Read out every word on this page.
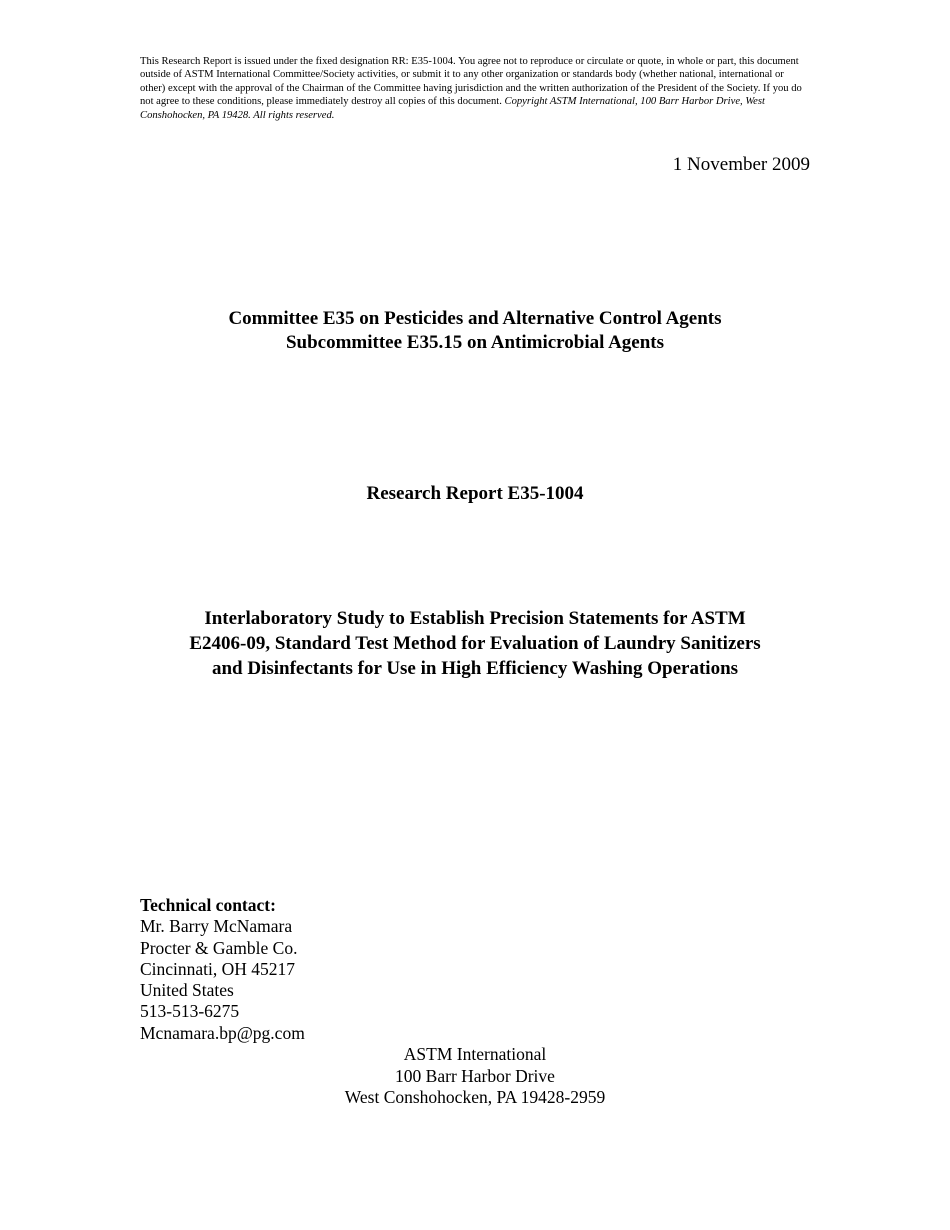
This Research Report is issued under the fixed designation RR: E35-1004. You agree not to reproduce or circulate or quote, in whole or part, this document outside of ASTM International Committee/Society activities, or submit it to any other organization or standards body (whether national, international or other) except with the approval of the Chairman of the Committee having jurisdiction and the written authorization of the President of the Society. If you do not agree to these conditions, please immediately destroy all copies of this document. Copyright ASTM International, 100 Barr Harbor Drive, West Conshohocken, PA 19428. All rights reserved.
1 November 2009
Committee E35 on Pesticides and Alternative Control Agents
Subcommittee E35.15 on Antimicrobial Agents
Research Report E35-1004
Interlaboratory Study to Establish Precision Statements for ASTM
E2406-09, Standard Test Method for Evaluation of Laundry Sanitizers
and Disinfectants for Use in High Efficiency Washing Operations
Technical contact:
Mr. Barry McNamara
Procter & Gamble Co.
Cincinnati, OH 45217
United States
513-513-6275
Mcnamara.bp@pg.com
ASTM International
100 Barr Harbor Drive
West Conshohocken, PA 19428-2959
